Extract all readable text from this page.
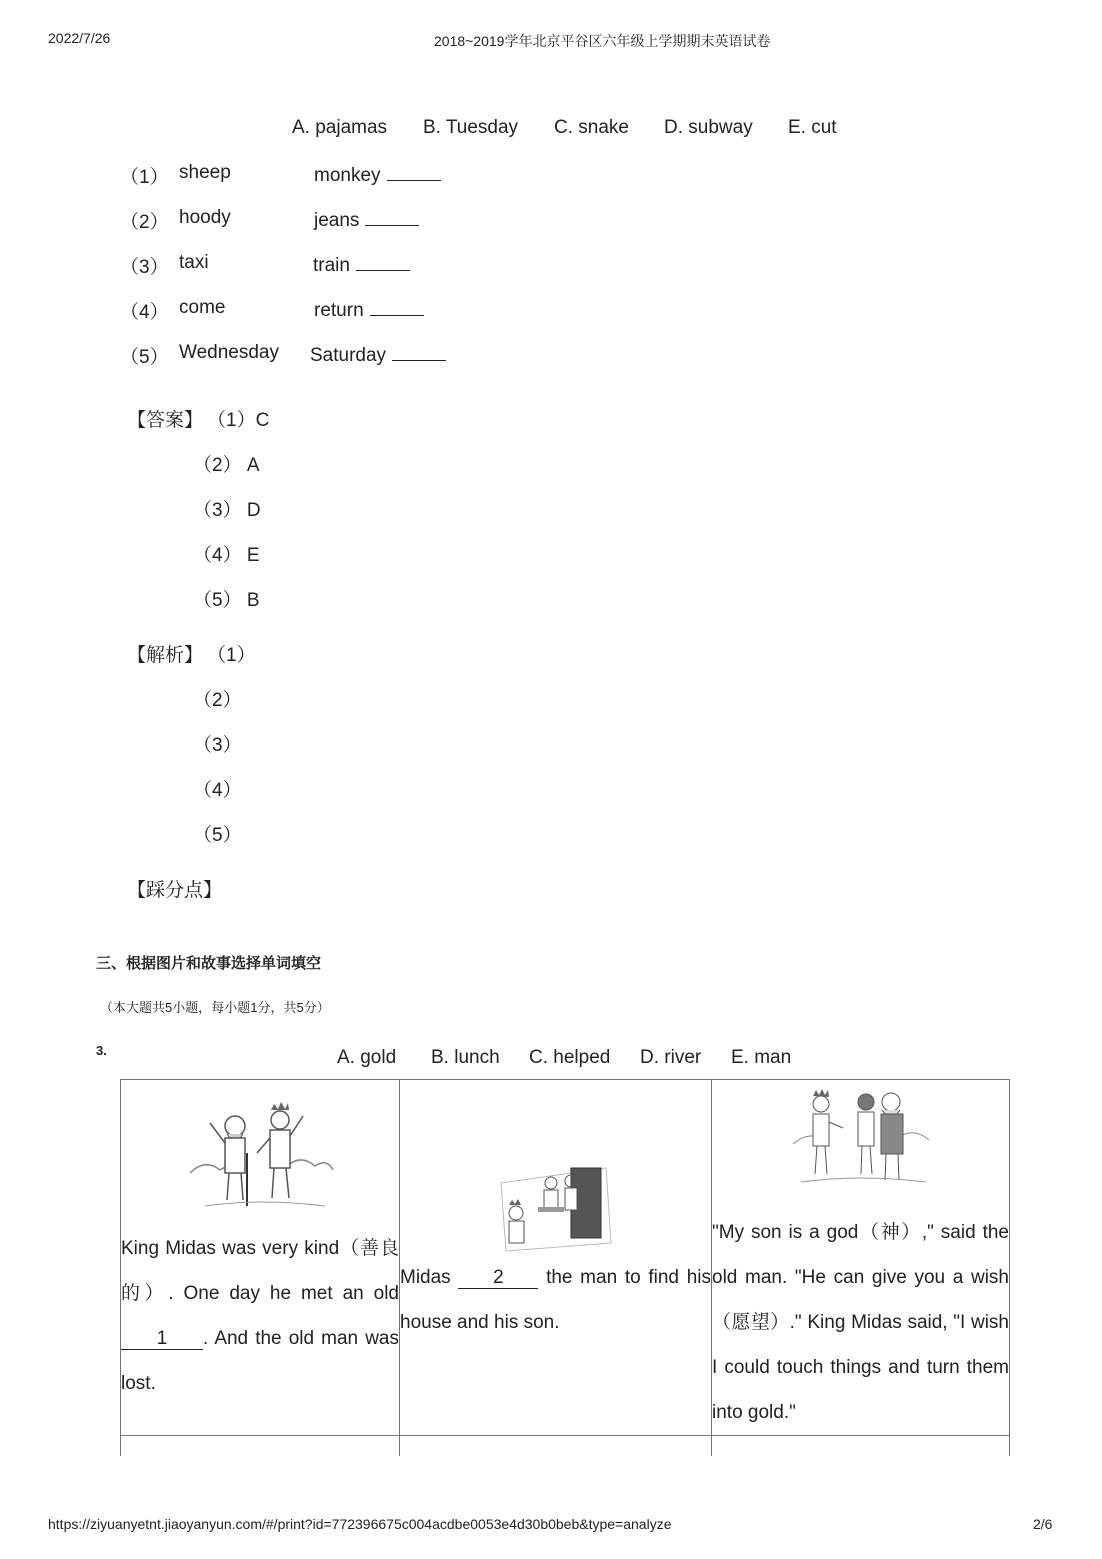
2022/7/26	2018~2019学年北京平谷区六年级上学期期末英语试卷
A. pajamas B. Tuesday C. snake D. subway E. cut
（1） sheep	monkey
（2） hoody	jeans
（3） taxi	train
（4） come	return
（5） Wednesday Saturday
【答案】 （1）C
（2） A
（3） D
（4） E
（5） B
【解析】 （1）
（2）
（3）
（4）
（5）
【踩分点】
三、根据图片和故事选择单词填空
（本大题共5小题，每小题1分，共5分）
3.	A. gold B. lunch C. helped D. river E. man
King Midas was very kind（善良的）. One day he met an old 1 . And the old man was lost.	Midas 2 the man to find his house and his son.	"My son is a god（神）," said the old man. "He can give you a wish（愿望）." King Midas said, "I wish I could touch things and turn them into gold."

https://ziyuanyetnt.jiaoyanyun.com/#/print?id=772396675c004acdbe0053e4d30b0beb&type=analyze	2/6
